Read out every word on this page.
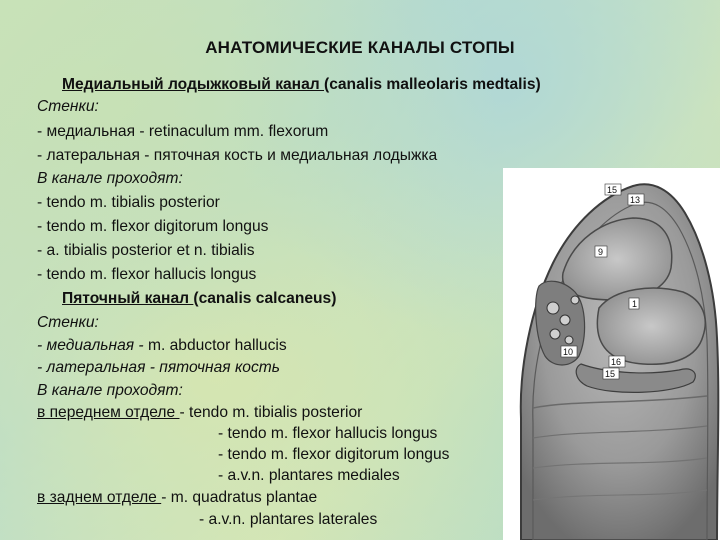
АНАТОМИЧЕСКИЕ КАНАЛЫ СТОПЫ
Медиальный лодыжковый канал (canalis malleolaris medtalis)
Стенки:
- медиальная - retinaculum mm. flexorum
- латеральная - пяточная кость и медиальная лодыжка
В канале проходят:
- tendo m. tibialis posterior
- tendo m. flexor digitorum longus
- a. tibialis posterior et n. tibialis
- tendo m. flexor hallucis longus
Пяточный канал (canalis calcaneus)
Стенки:
- медиальная - m. abductor hallucis
- латеральная - пяточная кость
В канале проходят:
в переднем отделе - tendo m. tibialis posterior
- tendo m. flexor hallucis longus
- tendo m. flexor digitorum longus
- a.v.n. plantares mediales
в заднем отделе - m. quadratus plantae
- a.v.n. plantares laterales
15
13
9
1
10
16
15
